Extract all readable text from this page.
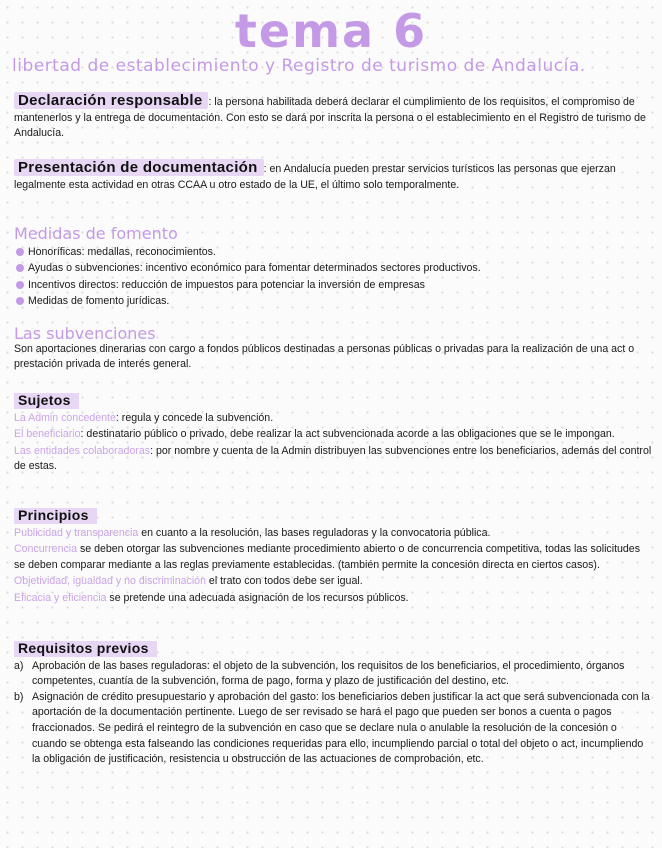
tema 6
libertad de establecimiento y Registro de turismo de Andalucía.

Declaración responsable : la persona habilitada deberá declarar el cumplimiento de los requisitos, el compromiso de mantenerlos y la entrega de documentación. Con esto se dará por inscrita la persona o el establecimiento en el Registro de turismo de Andalucía.

Presentación de documentación : en Andalucía pueden prestar servicios turísticos las personas que ejerzan legalmente esta actividad en otras CCAA u otro estado de la UE, el último solo temporalmente.

Medidas de fomento
Honoríficas: medallas, reconocimientos.
Ayudas o subvenciones: incentivo económico para fomentar determinados sectores productivos.
Incentivos directos: reducción de impuestos para potenciar la inversión de empresas
Medidas de fomento jurídicas.
Las subvenciones

Son aportaciones dinerarias con cargo a fondos públicos destinadas a personas públicas o privadas para la realización de una act o prestación privada de interés general.

Sujetos

La Admin concedente: regula y concede la subvención.

El beneficiario: destinatario público o privado, debe realizar la act subvencionada acorde a las obligaciones que se le impongan.

Las entidades colaboradoras: por nombre y cuenta de la Admin distribuyen las subvenciones entre los beneficiarios, además del control de estas.

Principios

Publicidad y transparencia en cuanto a la resolución, las bases reguladoras y la convocatoria pública.

Concurrencia se deben otorgar las subvenciones mediante procedimiento abierto o de concurrencia competitiva, todas las solicitudes se deben comparar mediante a las reglas previamente establecidas. (también permite la concesión directa en ciertos casos).

Objetividad, igualdad y no discriminación el trato con todos debe ser igual.

Eficacia y eficiencia se pretende una adecuada asignación de los recursos públicos.

Requisitos previos

a) Aprobación de las bases reguladoras: el objeto de la subvención, los requisitos de los beneficiarios, el procedimiento, órganos competentes, cuantía de la subvención, forma de pago, forma y plazo de justificación del destino, etc.

b) Asignación de crédito presupuestario y aprobación del gasto: los beneficiarios deben justificar la act que será subvencionada con la aportación de la documentación pertinente. Luego de ser revisado se hará el pago que pueden ser bonos a cuenta o pagos fraccionados. Se pedirá el reintegro de la subvención en caso que se declare nula o anulable la resolución de la concesión o cuando se obtenga esta falseando las condiciones requeridas para ello, incumpliendo parcial o total del objeto o act, incumpliendo la obligación de justificación, resistencia u obstrucción de las actuaciones de comprobación, etc.
